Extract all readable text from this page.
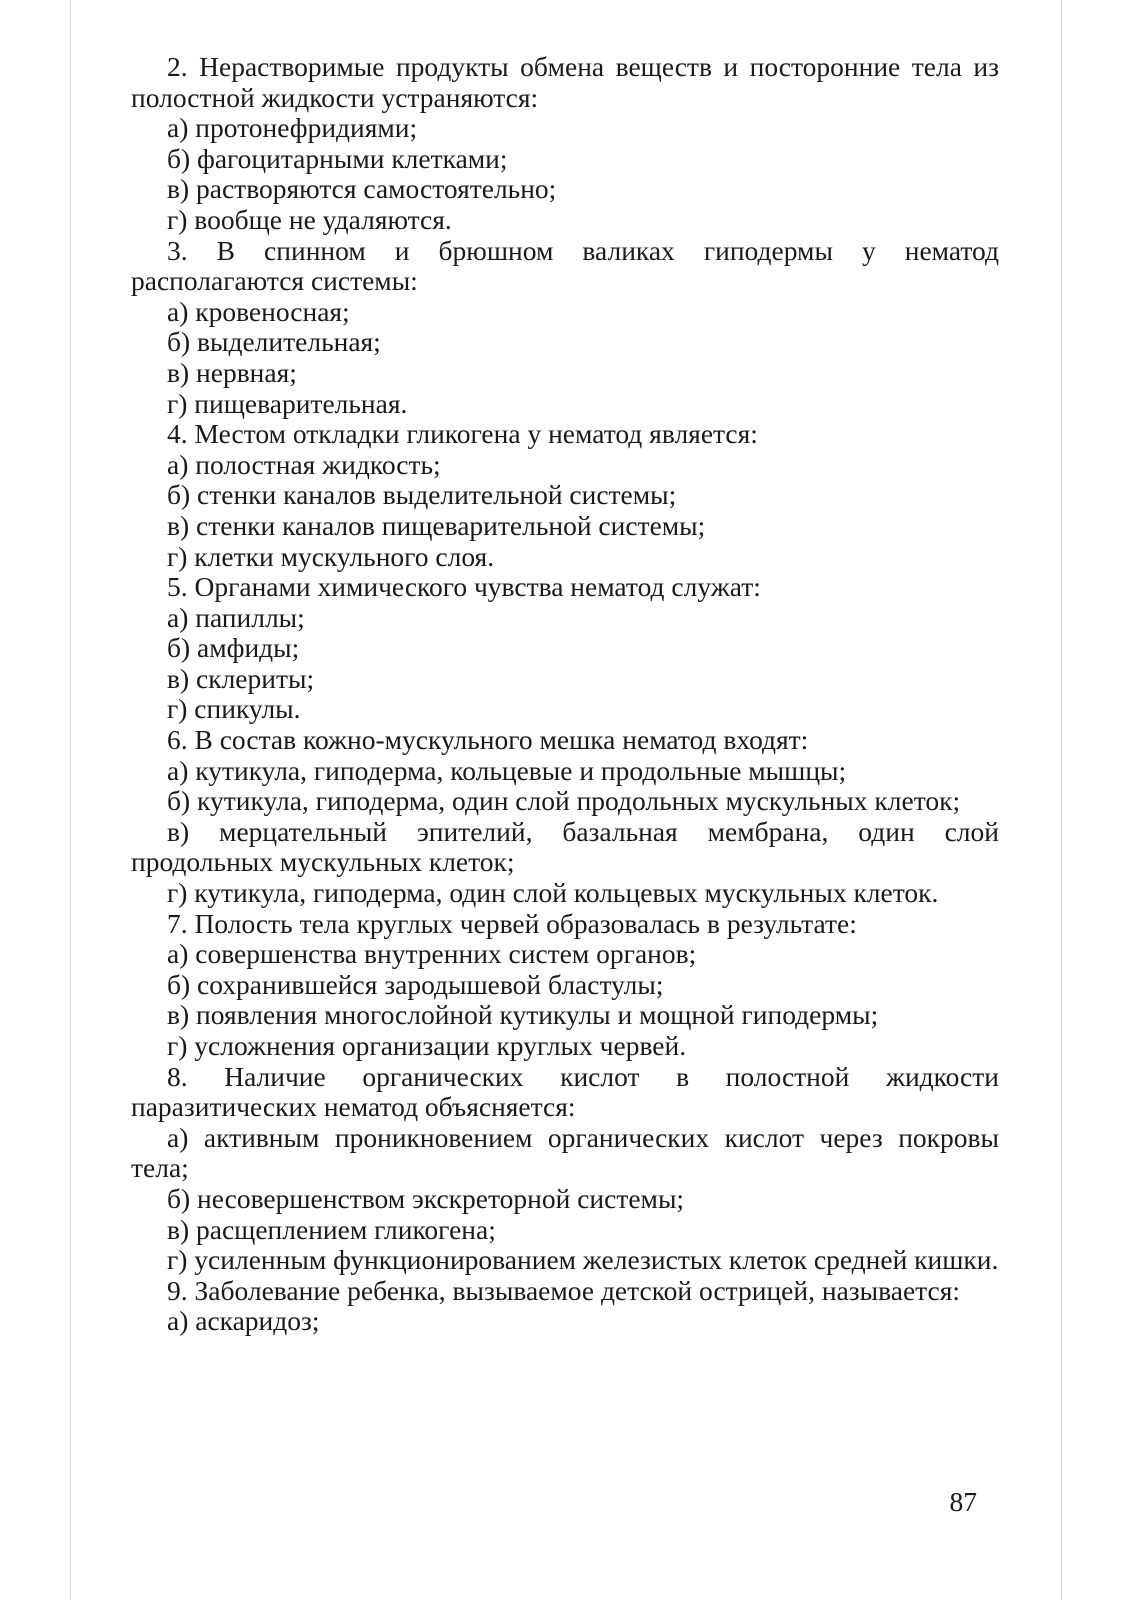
2. Нерастворимые продукты обмена веществ и посторонние тела из полостной жидкости устраняются:

а) протонефридиями;

б) фагоцитарными клетками;

в) растворяются самостоятельно;

г) вообще не удаляются.

3. В спинном и брюшном валиках гиподермы у нематод располагаются системы:

а) кровеносная;

б) выделительная;

в) нервная;

г) пищеварительная.

4. Местом откладки гликогена у нематод является:

а) полостная жидкость;

б) стенки каналов выделительной системы;

в) стенки каналов пищеварительной системы;

г) клетки мускульного слоя.

5. Органами химического чувства нематод служат:

а) папиллы;

б) амфиды;

в) склериты;

г) спикулы.

6. В состав кожно-мускульного мешка нематод входят:

а) кутикула, гиподерма, кольцевые и продольные мышцы;

б) кутикула, гиподерма, один слой продольных мускульных клеток;

в) мерцательный эпителий, базальная мембрана, один слой продольных мускульных клеток;

г) кутикула, гиподерма, один слой кольцевых мускульных клеток.

7. Полость тела круглых червей образовалась в результате:

а) совершенства внутренних систем органов;

б) сохранившейся зародышевой бластулы;

в) появления многослойной кутикулы и мощной гиподермы;

г) усложнения организации круглых червей.

8. Наличие органических кислот в полостной жидкости паразитических нематод объясняется:

а) активным проникновением органических кислот через покровы тела;

б) несовершенством экскреторной системы;

в) расщеплением гликогена;

г) усиленным функционированием железистых клеток средней кишки.

9. Заболевание ребенка, вызываемое детской острицей, называется:

а) аскаридоз;

87
